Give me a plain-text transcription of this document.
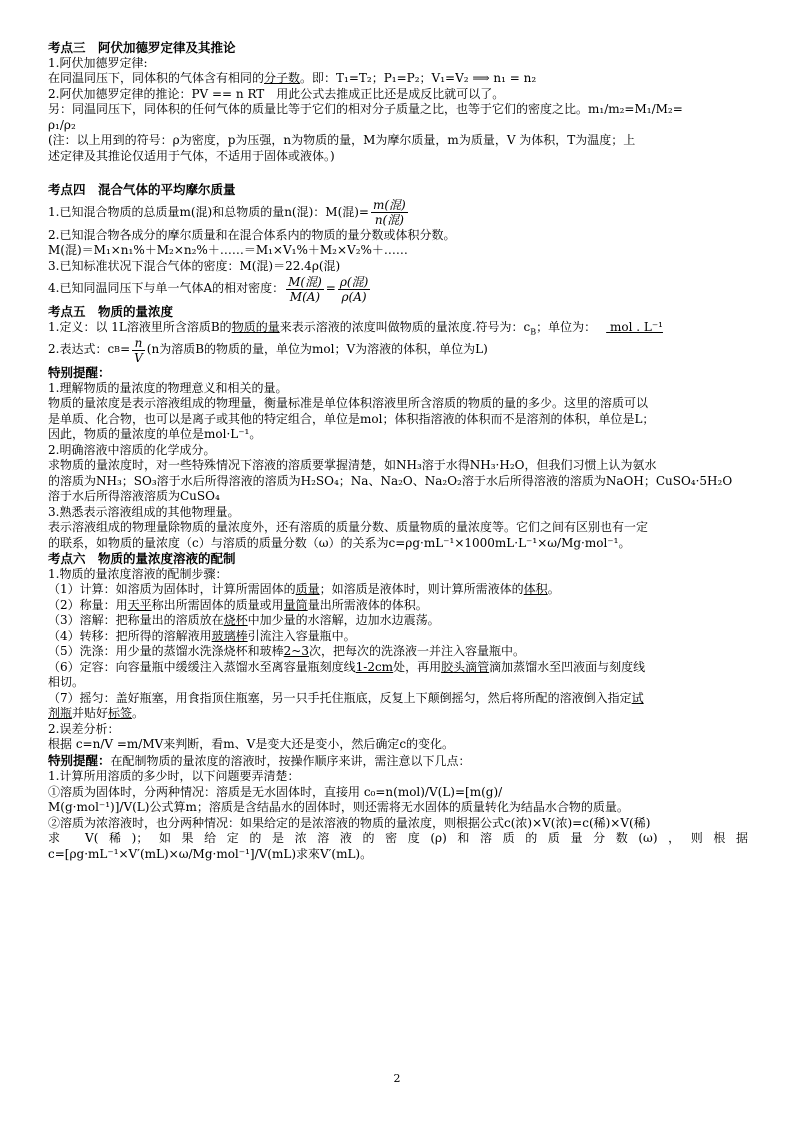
考点三　阿伏加德罗定律及其推论
1.阿伏加德罗定律:
在同温同压下，同体积的气体含有相同的分子数。即：T₁=T₂；P₁=P₂；V₁=V₂ ⟹ n₁ = n₂
2.阿伏加德罗定律的推论：PV == n RT　用此公式去推成正比还是成反比就可以了。
另：同温同压下，同体积的任何气体的质量比等于它们的相对分子质量之比，也等于它们的密度之比。m₁/m₂=M₁/M₂=
ρ₁/ρ₂
(注：以上用到的符号：ρ为密度，p为压强，n为物质的量，M为摩尔质量，m为质量，V 为体积，T为温度；上
述定律及其推论仅适用于气体，不适用于固体或液体。)
考点四　混合气体的平均摩尔质量
1.已知混合物质的总质量m(混)和总物质的量n(混)：M(混)= $\frac{\text{m(混)}}{\text{n(混)}}$
2.已知混合物各成分的摩尔质量和在混合体系内的物质的量分数或体积分数。
M(混)＝M₁×n₁%＋M₂×n₂%＋……＝M₁×V₁%＋M₂×V₂%＋……
3.已知标准状况下混合气体的密度：M(混)＝22.4ρ(混)
4.已知同温同压下与单一气体A的相对密度： $\frac{\text{M(混)}}{M(A)} = \frac{\text{ρ(混)}}{\rho(A)}$
考点五　物质的量浓度
1.定义：以 1L溶液里所含溶质B的物质的量来表示溶液的浓度叫做物质的量浓度.符号为：$c_B$；单位为： mol . L⁻¹
2.表达式：c $B = \frac{n}{V} (n$为溶质B的物质的量，单位为mol；V为溶液的体积，单位为L)
特别提醒：
1.理解物质的量浓度的物理意义和相关的量。
物质的量浓度是表示溶液组成的物理量，衡量标准是单位体积溶液里所含溶质的物质的量的多少。这里的溶质可以
是单质、化合物，也可以是离子或其他的特定组合，单位是mol；体积指溶液的体积而不是溶剂的体积，单位是L；
因此，物质的量浓度的单位是mol·L⁻¹。
2.明确溶液中溶质的化学成分。
求物质的量浓度时，对一些特殊情况下溶液的溶质要掌握清楚，如NH₃溶于水得NH₃·H₂O，但我们习惯上认为氨水
的溶质为NH₃；SO₃溶于水后所得溶液的溶质为H₂SO₄；Na、Na₂O、Na₂O₂溶于水后所得溶液的溶质为NaOH；CuSO₄·5H₂O
溶于水后所得溶液溶质为CuSO₄
3.熟悉表示溶液组成的其他物理量。
表示溶液组成的物理量除物质的量浓度外，还有溶质的质量分数、质量物质的量浓度等。它们之间有区别也有一定
的联系，如物质的量浓度（c）与溶质的质量分数（ω）的关系为c=ρg·mL⁻¹×1000mL·L⁻¹×ω/Mg·mol⁻¹。
考点六　物质的量浓度溶液的配制
1.物质的量浓度溶液的配制步骤：
（1）计算：如溶质为固体时，计算所需固体的质量；如溶质是液体时，则计算所需液体的体积。
（2）称量：用天平称出所需固体的质量或用量筒量出所需液体的体积。
（3）溶解：把称量出的溶质放在烧杯中加少量的水溶解，边加水边震荡。
（4）转移：把所得的溶解液用玻璃棒引流注入容量瓶中。
（5）洗涤：用少量的蒸馏水洗涤烧杯和玻棒2~3次，把每次的洗涤液一并注入容量瓶中。
（6）定容：向容量瓶中缓缓注入蒸馏水至离容量瓶刻度线1-2cm处，再用胶头滴管滴加蒸馏水至凹液面与刻度线
相切。
（7）摇匀：盖好瓶塞，用食指顶住瓶塞，另一只手托住瓶底，反复上下颠倒摇匀，然后将所配的溶液倒入指定试
剂瓶并贴好标签。
2.误差分析：
根据 c=n/V =m/MV来判断，看m、V是变大还是变小，然后确定c的变化。
特别提醒：在配制物质的量浓度的溶液时，按操作顺序来讲，需注意以下几点：
1.计算所用溶质的多少时，以下问题要弄清楚：
①溶质为固体时，分两种情况：溶质是无水固体时，直接用 c₀=n(mol)/V(L)=[m(g)/
M(g·mol⁻¹)]/V(L)公式算m；溶质是含结晶水的固体时，则还需将无水固体的质量转化为结晶水合物的质量。
②溶质为浓溶液时，也分两种情况：如果给定的是浓溶液的物质的量浓度，则根据公式c(浓)×V(浓)=c(稀)×V(稀)
求 V(稀)；如果给定的是浓溶液的密度(ρ)和溶质的质量分数(ω)，则根据
c=[ρg·mL⁻¹×V′(mL)×ω/Mg·mol⁻¹]/V(mL)求來V′(mL)。
2
